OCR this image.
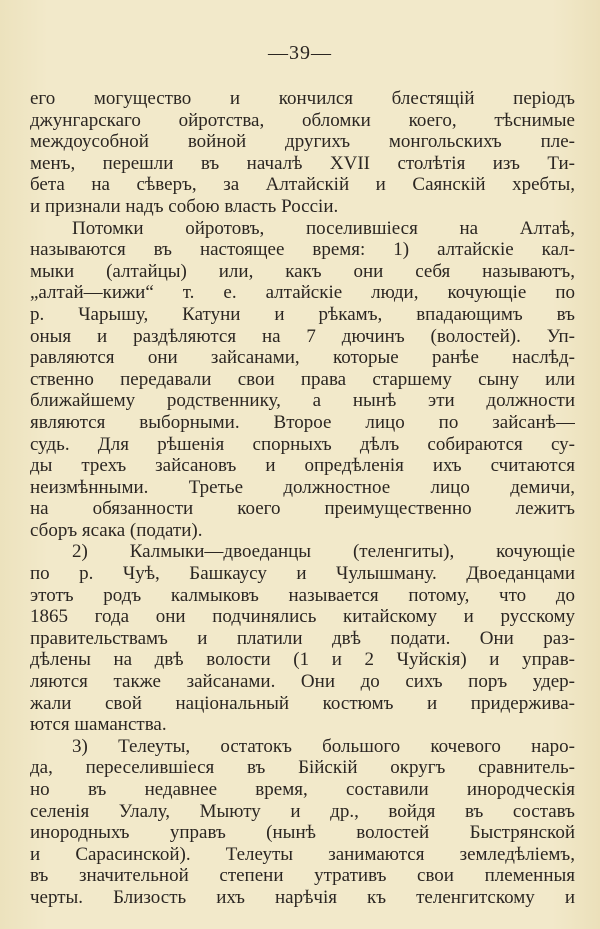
—39—
его могущество и кончился блестящій періодъ
джунгарскаго ойротства, обломки коего, тѣснимые
междоусобной войной другихъ монгольскихъ пле-
менъ, перешли въ началѣ XVII столѣтія изъ Ти-
бета на сѣверъ, за Алтайскій и Саянскій хребты,
и признали надъ собою власть Россіи.
Потомки ойротовъ, поселившіеся на Алтаѣ,
называются въ настоящее время: 1) алтайскіе кал-
мыки (алтайцы) или, какъ они себя называютъ,
„алтай—кижи“ т. е. алтайскіе люди, кочующіе по
р. Чарышу, Катуни и рѣкамъ, впадающимъ въ
оныя и раздѣляются на 7 дючинъ (волостей). Уп-
равляются они зайсанами, которые ранѣе наслѣд-
ственно передавали свои права старшему сыну или
ближайшему родственнику, а нынѣ эти должности
являются выборными. Второе лицо по зайсанѣ—
судь. Для рѣшенія спорныхъ дѣлъ собираются су-
ды трехъ зайсановъ и опредѣленія ихъ считаются
неизмѣнными. Третье должностное лицо демичи,
на обязанности коего преимущественно лежитъ
сборъ ясака (подати).
2) Калмыки—двоеданцы (теленгиты), кочующіе
по р. Чуѣ, Башкаусу и Чулышману. Двоеданцами
этотъ родъ калмыковъ называется потому, что до
1865 года они подчинялись китайскому и русскому
правительствамъ и платили двѣ подати. Они раз-
дѣлены на двѣ волости (1 и 2 Чуйскія) и управ-
ляются также зайсанами. Они до сихъ поръ удер-
жали свой національный костюмъ и придержива-
ются шаманства.
3) Телеуты, остатокъ большого кочевого наро-
да, переселившіеся въ Бійскій округъ сравнитель-
но въ недавнее время, составили инородческія
селенія Улалу, Мыюту и др., войдя въ составъ
инородныхъ управъ (нынѣ волостей Быстрянской
и Сарасинской). Телеуты занимаются земледѣліемъ,
въ значительной степени утративъ свои племенныя
черты. Близость ихъ нарѣчія къ теленгитскому и
